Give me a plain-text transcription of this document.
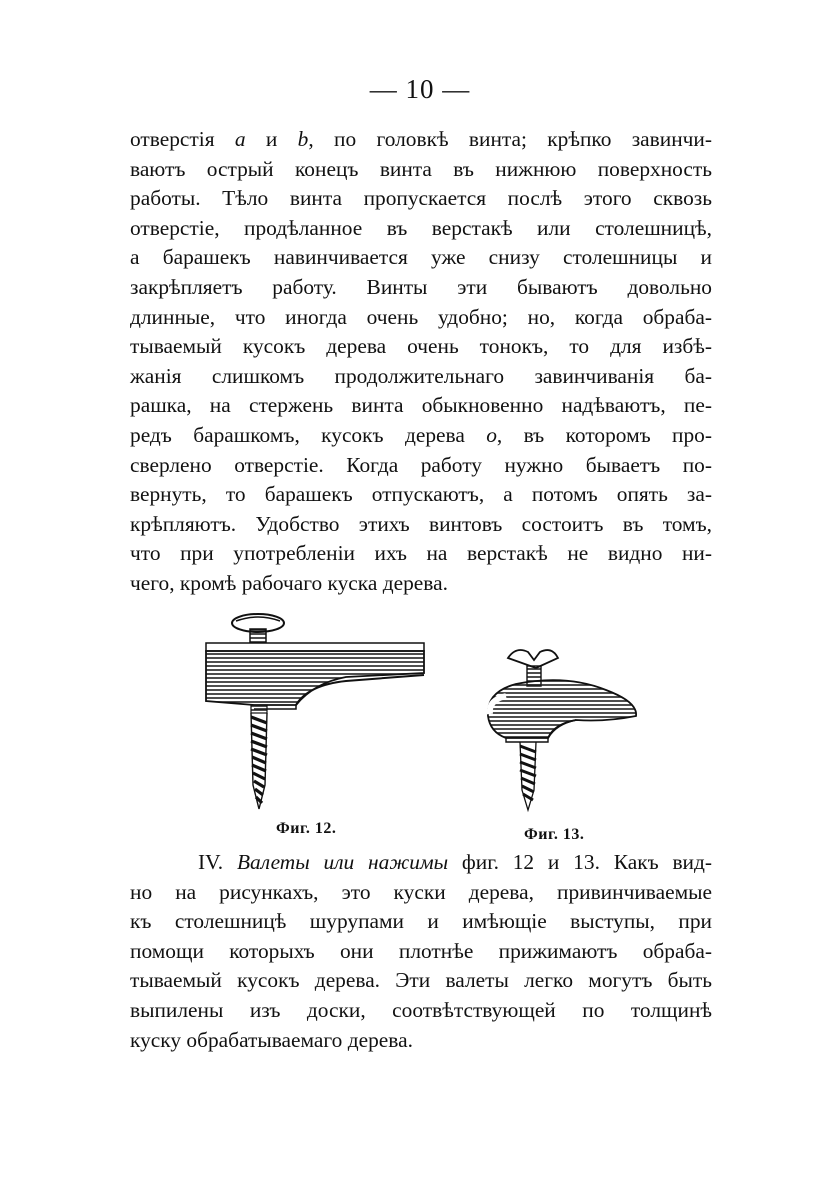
— 10 —
отверстія a и b, по головкѣ винта; крѣпко завинчи-
ваютъ острый конецъ винта въ нижнюю поверхность
работы. Тѣло винта пропускается послѣ этого сквозь
отверстіе, продѣланное въ верстакѣ или столешницѣ,
а барашекъ навинчивается уже снизу столешницы и
закрѣпляетъ работу. Винты эти бываютъ довольно
длинные, что иногда очень удобно; но, когда обраба-
тываемый кусокъ дерева очень тонокъ, то для избѣ-
жанія слишкомъ продолжительнаго завинчиванія ба-
рашка, на стержень винта обыкновенно надѣваютъ, пе-
редъ барашкомъ, кусокъ дерева o, въ которомъ про-
сверлено отверстіе. Когда работу нужно бываетъ по-
вернуть, то барашекъ отпускаютъ, а потомъ опять за-
крѣпляютъ. Удобство этихъ винтовъ состоитъ въ томъ,
что при употребленіи ихъ на верстакѣ не видно ни-
чего, кромѣ рабочаго куска дерева.
Фиг. 12.	Фиг. 13.
IV. Валеты или нажимы фиг. 12 и 13. Какъ вид-
но на рисункахъ, это куски дерева, привинчиваемые
къ столешницѣ шурупами и имѣющіе выступы, при
помощи которыхъ они плотнѣе прижимаютъ обраба-
тываемый кусокъ дерева. Эти валеты легко могутъ быть
выпилены изъ доски, соотвѣтствующей по толщинѣ
куску обрабатываемаго дерева.
